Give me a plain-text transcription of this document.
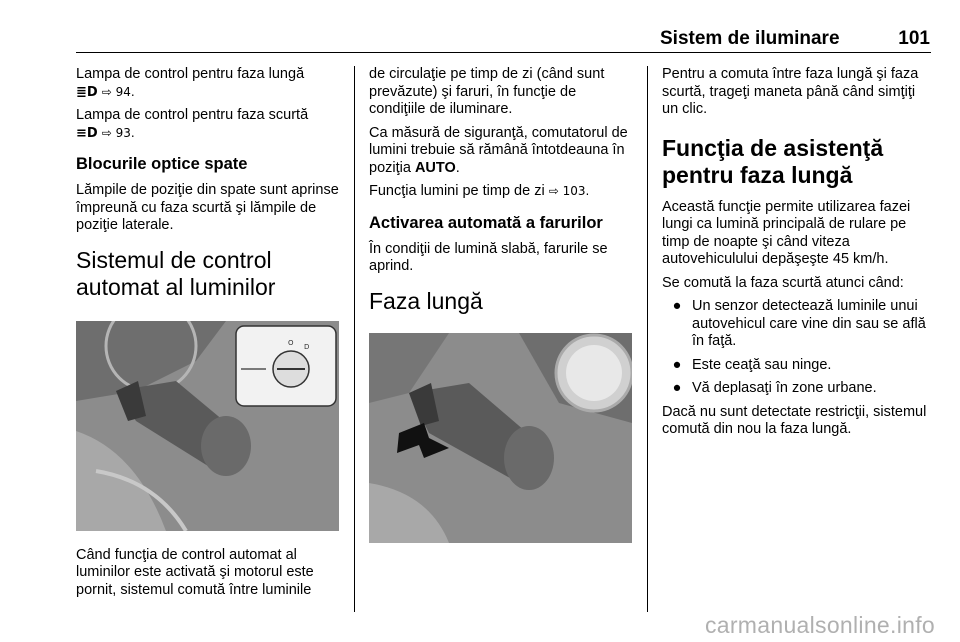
Sistem de iluminare	101

Lampa de control pentru faza lungă
≣D ⇨ 94.

Lampa de control pentru faza scurtă
≡D ⇨ 93.

Blocurile optice spate

Lămpile de poziţie din spate sunt aprinse împreună cu faza scurtă şi lămpile de poziţie laterale.

Sistemul de control automat al luminilor
O D

Când funcţia de control automat al luminilor este activată şi motorul este pornit, sistemul comută între luminile

de circulaţie pe timp de zi (când sunt prevăzute) şi faruri, în funcţie de condiţiile de iluminare.

Ca măsură de siguranţă, comutatorul de lumini trebuie să rămână întotdeauna în poziţia AUTO.

Funcţia lumini pe timp de zi ⇨ 103.

Activarea automată a farurilor

În condiţii de lumină slabă, farurile se aprind.

Faza lungă

Pentru a comuta între faza lungă şi faza scurtă, trageţi maneta până când simţiţi un clic.

Funcţia de asistenţă pentru faza lungă

Această funcţie permite utilizarea fazei lungi ca lumină principală de rulare pe timp de noapte şi când viteza autovehiculului depăşeşte 45 km/h.

Se comută la faza scurtă atunci când:

● Un senzor detectează luminile unui autovehicul care vine din sau se află în faţă.
● Este ceaţă sau ninge.
● Vă deplasaţi în zone urbane.

Dacă nu sunt detectate restricţii, sistemul comută din nou la faza lungă.

carmanualsonline.info
